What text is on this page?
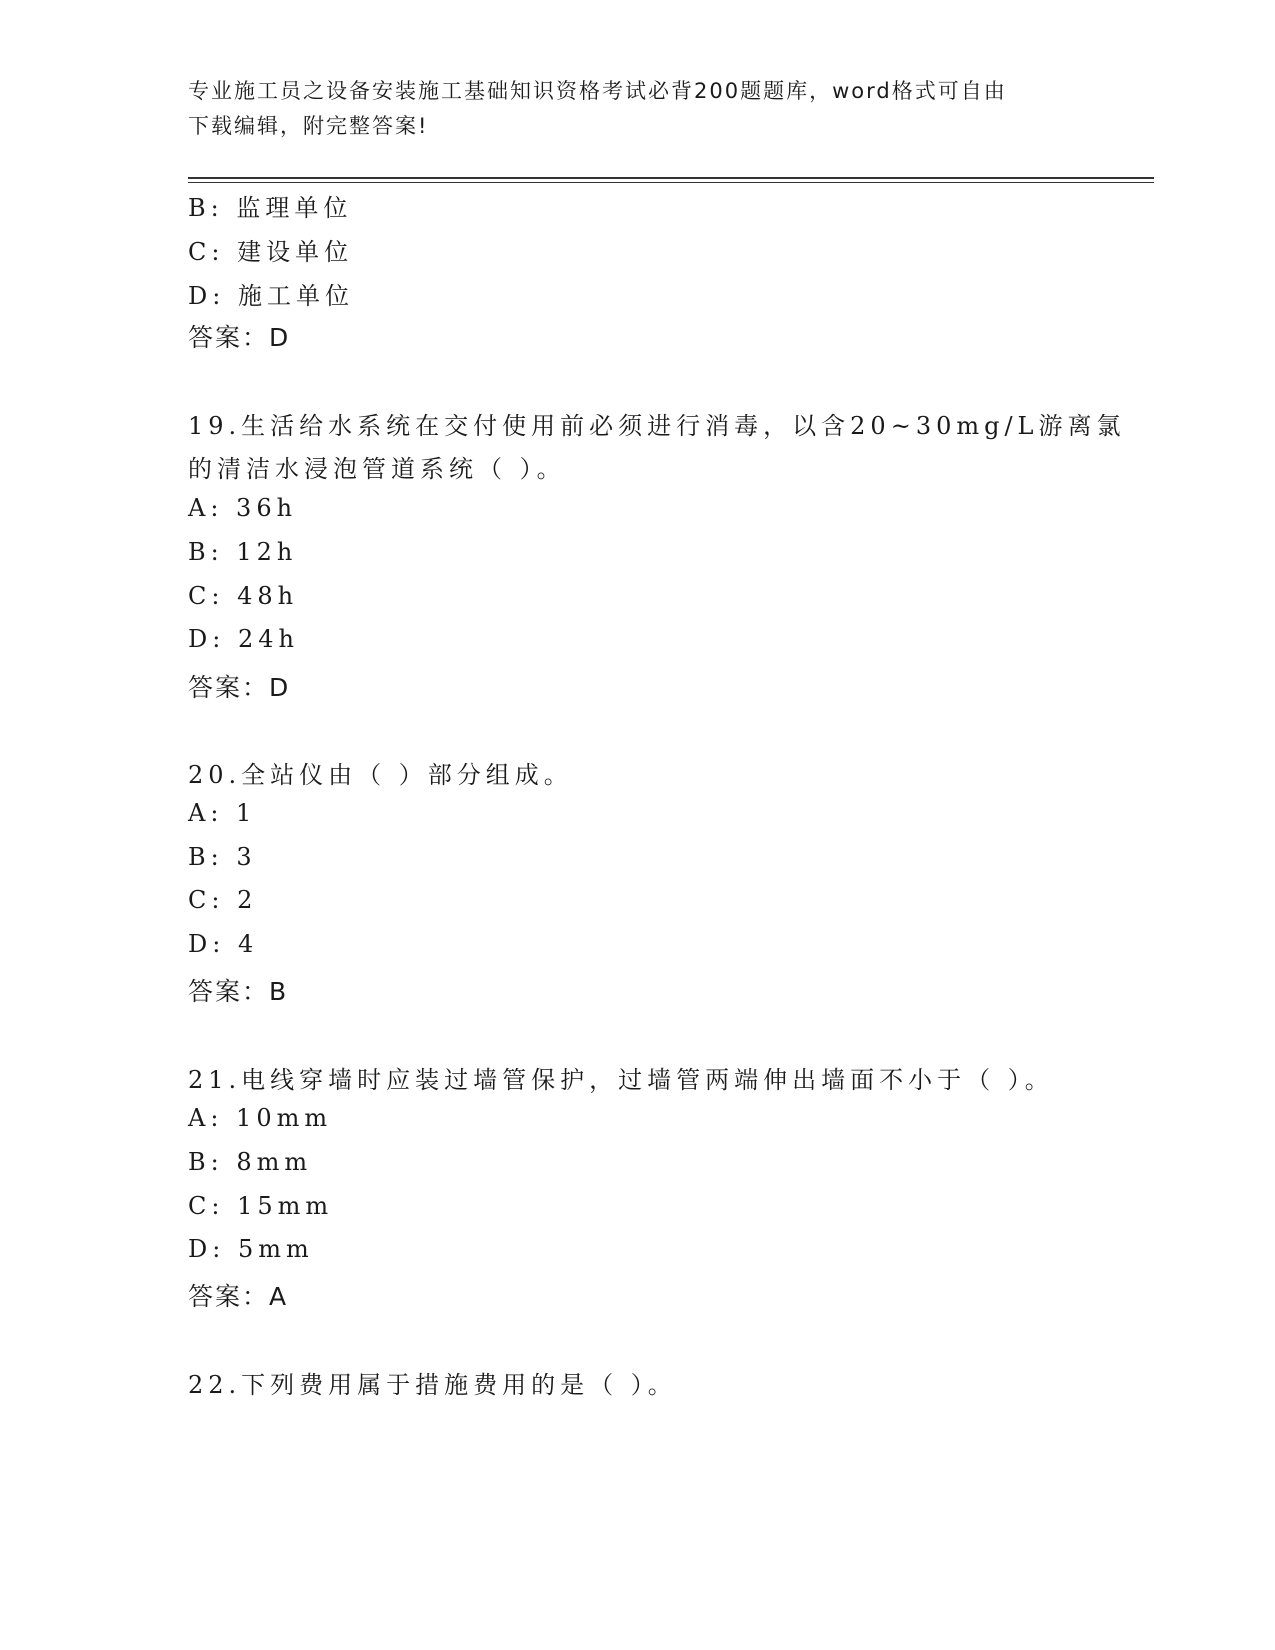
专业施工员之设备安装施工基础知识资格考试必背200题题库，word格式可自由
下载编辑，附完整答案!
B: 监理单位
C: 建设单位
D: 施工单位
答案：D
19.生活给水系统在交付使用前必须进行消毒，以含20~30mg/L游离氯
的清洁水浸泡管道系统（ ）。
A: 36h
B: 12h
C: 48h
D: 24h
答案：D
20.全站仪由（ ）部分组成。
A: 1
B: 3
C: 2
D: 4
答案：B
21.电线穿墙时应装过墙管保护，过墙管两端伸出墙面不小于（ ）。
A: 10mm
B: 8mm
C: 15mm
D: 5mm
答案：A
22.下列费用属于措施费用的是（ ）。
